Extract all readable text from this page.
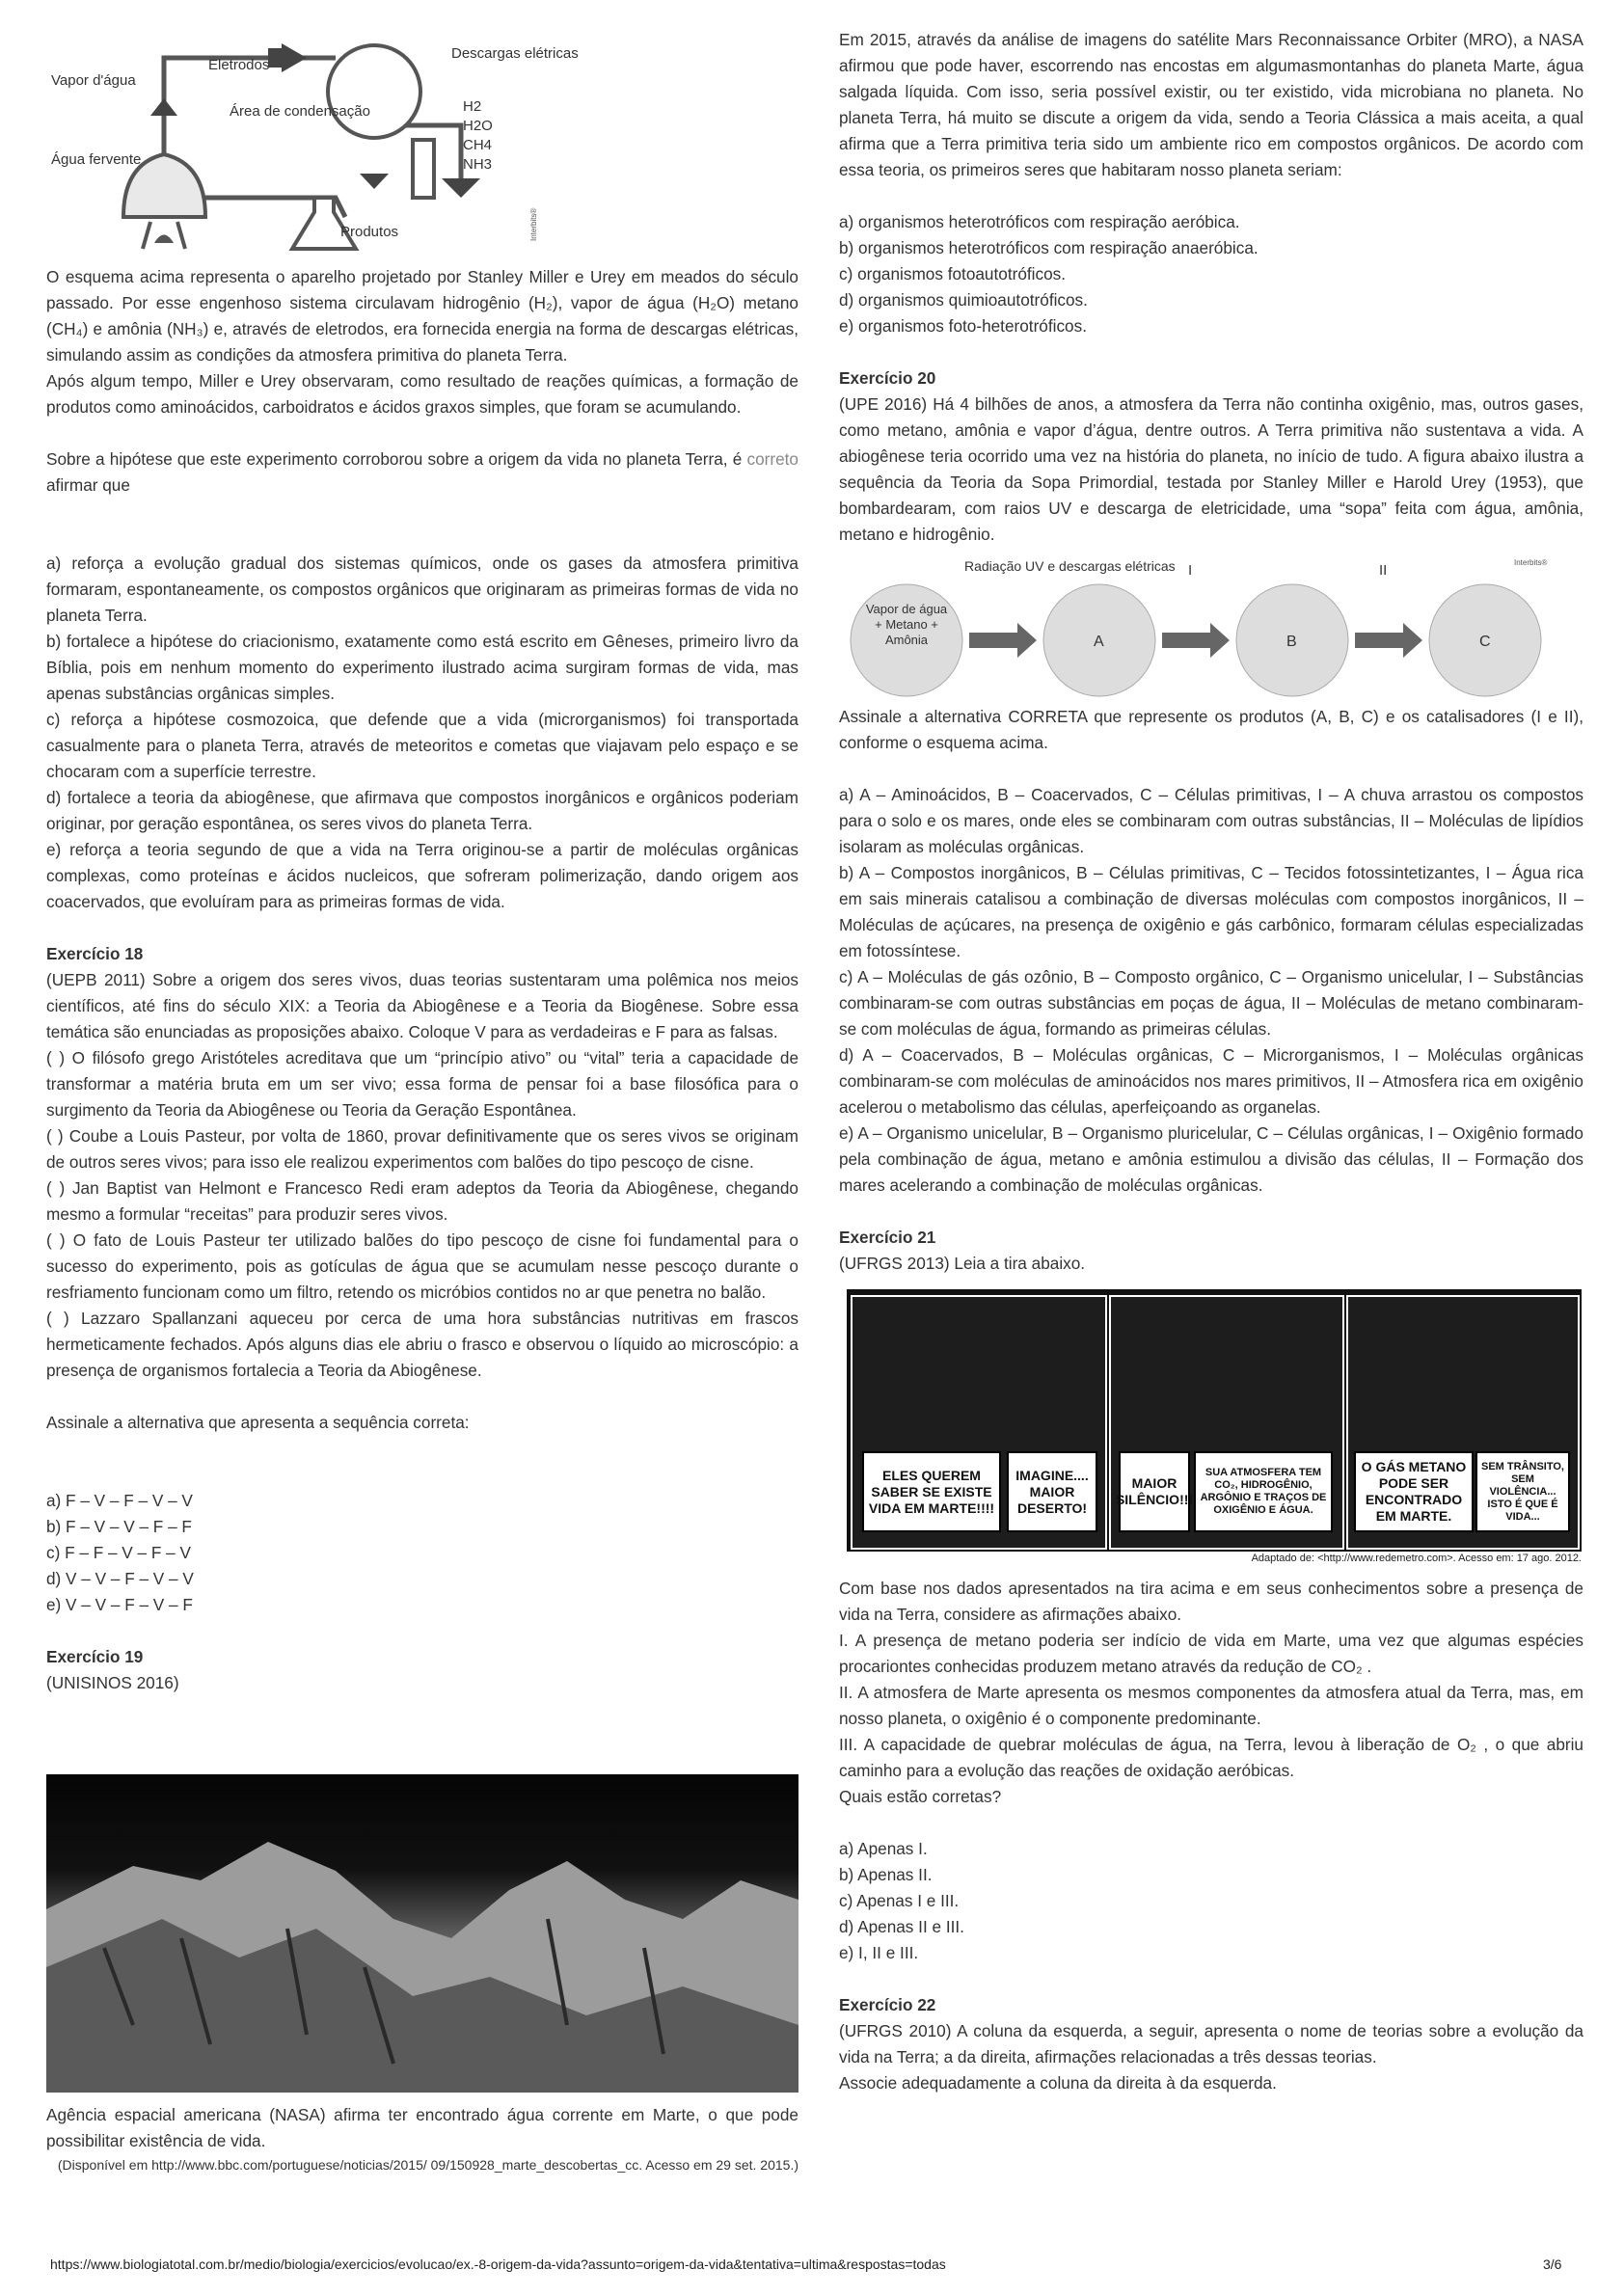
Vapor d'água
Eletrodos
Descargas elétricas
Área de condensação
Água fervente
Produtos
H2
H2O
CH4
NH3
Interbits®

O esquema acima representa o aparelho projetado por Stanley Miller e Urey em meados do século passado. Por esse engenhoso sistema circulavam hidrogênio (H₂), vapor de água (H₂O) metano (CH₄) e amônia (NH₃) e, através de eletrodos, era fornecida energia na forma de descargas elétricas, simulando assim as condições da atmosfera primitiva do planeta Terra.

Após algum tempo, Miller e Urey observaram, como resultado de reações químicas, a formação de produtos como aminoácidos, carboidratos e ácidos graxos simples, que foram se acumulando.

Sobre a hipótese que este experimento corroborou sobre a origem da vida no planeta Terra, é correto afirmar que

a) reforça a evolução gradual dos sistemas químicos, onde os gases da atmosfera primitiva formaram, espontaneamente, os compostos orgânicos que originaram as primeiras formas de vida no planeta Terra.

b) fortalece a hipótese do criacionismo, exatamente como está escrito em Gêneses, primeiro livro da Bíblia, pois em nenhum momento do experimento ilustrado acima surgiram formas de vida, mas apenas substâncias orgânicas simples.

c) reforça a hipótese cosmozoica, que defende que a vida (microrganismos) foi transportada casualmente para o planeta Terra, através de meteoritos e cometas que viajavam pelo espaço e se chocaram com a superfície terrestre.

d) fortalece a teoria da abiogênese, que afirmava que compostos inorgânicos e orgânicos poderiam originar, por geração espontânea, os seres vivos do planeta Terra.

e) reforça a teoria segundo de que a vida na Terra originou-se a partir de moléculas orgânicas complexas, como proteínas e ácidos nucleicos, que sofreram polimerização, dando origem aos coacervados, que evoluíram para as primeiras formas de vida.

Exercício 18

(UEPB 2011) Sobre a origem dos seres vivos, duas teorias sustentaram uma polêmica nos meios científicos, até fins do século XIX: a Teoria da Abiogênese e a Teoria da Biogênese. Sobre essa temática são enunciadas as proposições abaixo. Coloque V para as verdadeiras e F para as falsas.

( ) O filósofo grego Aristóteles acreditava que um “princípio ativo” ou “vital” teria a capacidade de transformar a matéria bruta em um ser vivo; essa forma de pensar foi a base filosófica para o surgimento da Teoria da Abiogênese ou Teoria da Geração Espontânea.

( ) Coube a Louis Pasteur, por volta de 1860, provar definitivamente que os seres vivos se originam de outros seres vivos; para isso ele realizou experimentos com balões do tipo pescoço de cisne.

( ) Jan Baptist van Helmont e Francesco Redi eram adeptos da Teoria da Abiogênese, chegando mesmo a formular “receitas” para produzir seres vivos.

( ) O fato de Louis Pasteur ter utilizado balões do tipo pescoço de cisne foi fundamental para o sucesso do experimento, pois as gotículas de água que se acumulam nesse pescoço durante o resfriamento funcionam como um filtro, retendo os micróbios contidos no ar que penetra no balão.

( ) Lazzaro Spallanzani aqueceu por cerca de uma hora substâncias nutritivas em frascos hermeticamente fechados. Após alguns dias ele abriu o frasco e observou o líquido ao microscópio: a presença de organismos fortalecia a Teoria da Abiogênese.

Assinale a alternativa que apresenta a sequência correta:

a) F – V – F – V – V

b) F – V – V – F – F

c) F – F – V – F – V

d) V – V – F – V – V

e) V – V – F – V – F

Exercício 19

(UNISINOS 2016)

Agência espacial americana (NASA) afirma ter encontrado água corrente em Marte, o que pode possibilitar existência de vida.

(Disponível em http://www.bbc.com/portuguese/noticias/2015/ 09/150928_marte_descobertas_cc. Acesso em 29 set. 2015.)

Em 2015, através da análise de imagens do satélite Mars Reconnaissance Orbiter (MRO), a NASA afirmou que pode haver, escorrendo nas encostas em algumasmontanhas do planeta Marte, água salgada líquida. Com isso, seria possível existir, ou ter existido, vida microbiana no planeta. No planeta Terra, há muito se discute a origem da vida, sendo a Teoria Clássica a mais aceita, a qual afirma que a Terra primitiva teria sido um ambiente rico em compostos orgânicos. De acordo com essa teoria, os primeiros seres que habitaram nosso planeta seriam:

a) organismos heterotróficos com respiração aeróbica.

b) organismos heterotróficos com respiração anaeróbica.

c) organismos fotoautotróficos.

d) organismos quimioautotróficos.

e) organismos foto-heterotróficos.

Exercício 20

(UPE 2016) Há 4 bilhões de anos, a atmosfera da Terra não continha oxigênio, mas, outros gases, como metano, amônia e vapor d’água, dentre outros. A Terra primitiva não sustentava a vida. A abiogênese teria ocorrido uma vez na história do planeta, no início de tudo. A figura abaixo ilustra a sequência da Teoria da Sopa Primordial, testada por Stanley Miller e Harold Urey (1953), que bombardearam, com raios UV e descarga de eletricidade, uma “sopa” feita com água, amônia, metano e hidrogênio.

Radiação UV e descargas elétricas I	II	Interbits®
Vapor de água + Metano + Amônia	A	B	C

Assinale a alternativa CORRETA que represente os produtos (A, B, C) e os catalisadores (I e II), conforme o esquema acima.

a) A – Aminoácidos, B – Coacervados, C – Células primitivas, I – A chuva arrastou os compostos para o solo e os mares, onde eles se combinaram com outras substâncias, II – Moléculas de lipídios isolaram as moléculas orgânicas.

b) A – Compostos inorgânicos, B – Células primitivas, C – Tecidos fotossintetizantes, I – Água rica em sais minerais catalisou a combinação de diversas moléculas com compostos inorgânicos, II – Moléculas de açúcares, na presença de oxigênio e gás carbônico, formaram células especializadas em fotossíntese.

c) A – Moléculas de gás ozônio, B – Composto orgânico, C – Organismo unicelular, I – Substâncias combinaram-se com outras substâncias em poças de água, II – Moléculas de metano combinaram-se com moléculas de água, formando as primeiras células.

d) A – Coacervados, B – Moléculas orgânicas, C – Microrganismos, I – Moléculas orgânicas combinaram-se com moléculas de aminoácidos nos mares primitivos, II – Atmosfera rica em oxigênio acelerou o metabolismo das células, aperfeiçoando as organelas.

e) A – Organismo unicelular, B – Organismo pluricelular, C – Células orgânicas, I – Oxigênio formado pela combinação de água, metano e amônia estimulou a divisão das células, II – Formação dos mares acelerando a combinação de moléculas orgânicas.

Exercício 21

(UFRGS 2013) Leia a tira abaixo.

ELES QUEREM SABER SE EXISTE VIDA EM MARTE!!!!
IMAGINE.... MAIOR DESERTO!
MAIOR SILÊNCIO!!!
SUA ATMOSFERA TEM CO₂, HIDROGÊNIO, ARGÔNIO E TRAÇOS DE OXIGÊNIO E ÁGUA.
O GÁS METANO PODE SER ENCONTRADO EM MARTE.
SEM TRÂNSITO, SEM VIOLÊNCIA... ISTO É QUE É VIDA...
Adaptado de: <http://www.redemetro.com>. Acesso em: 17 ago. 2012.

Com base nos dados apresentados na tira acima e em seus conhecimentos sobre a presença de vida na Terra, considere as afirmações abaixo.

I. A presença de metano poderia ser indício de vida em Marte, uma vez que algumas espécies procariontes conhecidas produzem metano através da redução de CO₂ .

II. A atmosfera de Marte apresenta os mesmos componentes da atmosfera atual da Terra, mas, em nosso planeta, o oxigênio é o componente predominante.

III. A capacidade de quebrar moléculas de água, na Terra, levou à liberação de O₂ , o que abriu caminho para a evolução das reações de oxidação aeróbicas.

Quais estão corretas?

a) Apenas I.

b) Apenas II.

c) Apenas I e III.

d) Apenas II e III.

e) I, II e III.

Exercício 22

(UFRGS 2010) A coluna da esquerda, a seguir, apresenta o nome de teorias sobre a evolução da vida na Terra; a da direita, afirmações relacionadas a três dessas teorias.

Associe adequadamente a coluna da direita à da esquerda.

https://www.biologiatotal.com.br/medio/biologia/exercicios/evolucao/ex.-8-origem-da-vida?assunto=origem-da-vida&tentativa=ultima&respostas=todas	3/6
